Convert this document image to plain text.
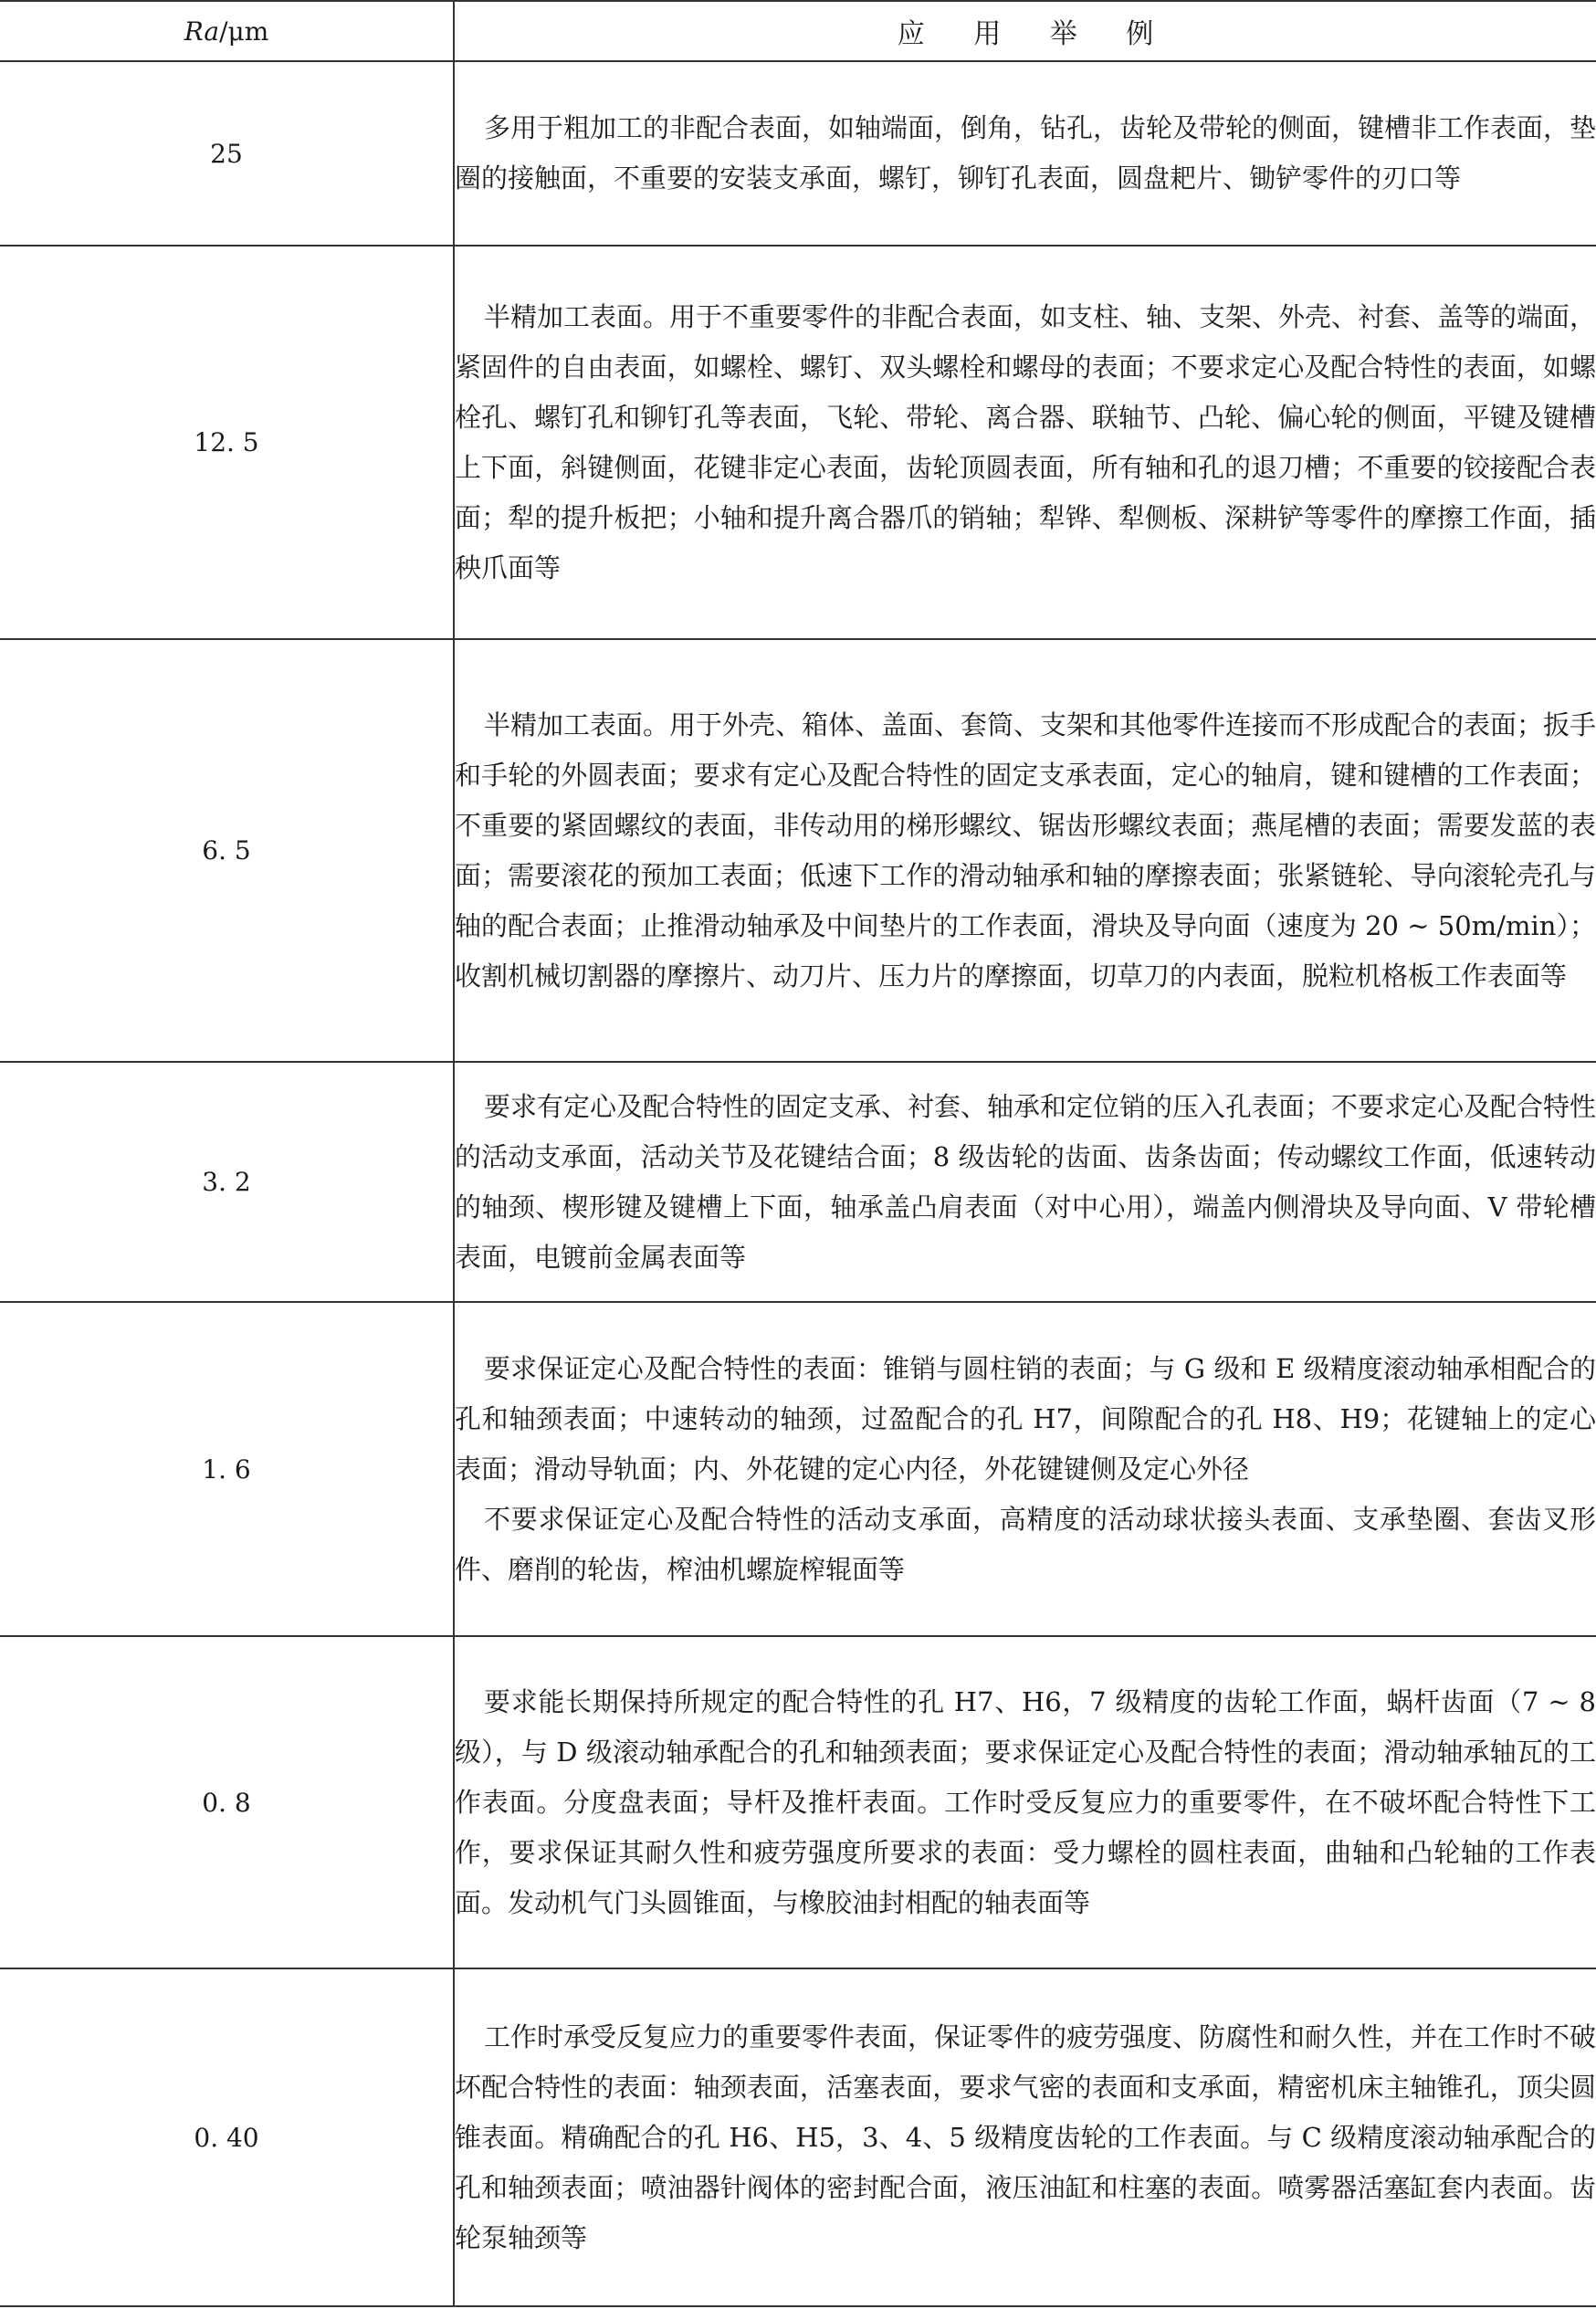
Ra/μm	应 用 举 例
25	多用于粗加工的非配合表面，如轴端面，倒角，钻孔，齿轮及带轮的侧面，键槽非工作表面，垫圈的接触面，不重要的安装支承面，螺钉，铆钉孔表面，圆盘耙片、锄铲零件的刃口等

12. 5	半精加工表面。用于不重要零件的非配合表面，如支柱、轴、支架、外壳、衬套、盖等的端面，紧固件的自由表面，如螺栓、螺钉、双头螺栓和螺母的表面；不要求定心及配合特性的表面，如螺栓孔、螺钉孔和铆钉孔等表面，飞轮、带轮、离合器、联轴节、凸轮、偏心轮的侧面，平键及键槽上下面，斜键侧面，花键非定心表面，齿轮顶圆表面，所有轴和孔的退刀槽；不重要的铰接配合表面；犁的提升板把；小轴和提升离合器爪的销轴；犁铧、犁侧板、深耕铲等零件的摩擦工作面，插秧爪面等

6. 5	半精加工表面。用于外壳、箱体、盖面、套筒、支架和其他零件连接而不形成配合的表面；扳手和手轮的外圆表面；要求有定心及配合特性的固定支承表面，定心的轴肩，键和键槽的工作表面；不重要的紧固螺纹的表面，非传动用的梯形螺纹、锯齿形螺纹表面；燕尾槽的表面；需要发蓝的表面；需要滚花的预加工表面；低速下工作的滑动轴承和轴的摩擦表面；张紧链轮、导向滚轮壳孔与轴的配合表面；止推滑动轴承及中间垫片的工作表面，滑块及导向面（速度为 20 ~ 50m/min）；收割机械切割器的摩擦片、动刀片、压力片的摩擦面，切草刀的内表面，脱粒机格板工作表面等

3. 2	要求有定心及配合特性的固定支承、衬套、轴承和定位销的压入孔表面；不要求定心及配合特性的活动支承面，活动关节及花键结合面；8 级齿轮的齿面、齿条齿面；传动螺纹工作面，低速转动的轴颈、楔形键及键槽上下面，轴承盖凸肩表面（对中心用），端盖内侧滑块及导向面、V 带轮槽表面，电镀前金属表面等

1. 6	要求保证定心及配合特性的表面：锥销与圆柱销的表面；与 G 级和 E 级精度滚动轴承相配合的孔和轴颈表面；中速转动的轴颈，过盈配合的孔 H7，间隙配合的孔 H8、H9；花键轴上的定心表面；滑动导轨面；内、外花键的定心内径，外花键键侧及定心外径

不要求保证定心及配合特性的活动支承面，高精度的活动球状接头表面、支承垫圈、套齿叉形件、磨削的轮齿，榨油机螺旋榨辊面等

0. 8	要求能长期保持所规定的配合特性的孔 H7、H6，7 级精度的齿轮工作面，蜗杆齿面（7 ~ 8 级），与 D 级滚动轴承配合的孔和轴颈表面；要求保证定心及配合特性的表面；滑动轴承轴瓦的工作表面。分度盘表面；导杆及推杆表面。工作时受反复应力的重要零件，在不破坏配合特性下工作，要求保证其耐久性和疲劳强度所要求的表面：受力螺栓的圆柱表面，曲轴和凸轮轴的工作表面。发动机气门头圆锥面，与橡胶油封相配的轴表面等

0. 40	工作时承受反复应力的重要零件表面，保证零件的疲劳强度、防腐性和耐久性，并在工作时不破坏配合特性的表面：轴颈表面，活塞表面，要求气密的表面和支承面，精密机床主轴锥孔，顶尖圆锥表面。精确配合的孔 H6、H5，3、4、5 级精度齿轮的工作表面。与 C 级精度滚动轴承配合的孔和轴颈表面；喷油器针阀体的密封配合面，液压油缸和柱塞的表面。喷雾器活塞缸套内表面。齿轮泵轴颈等
